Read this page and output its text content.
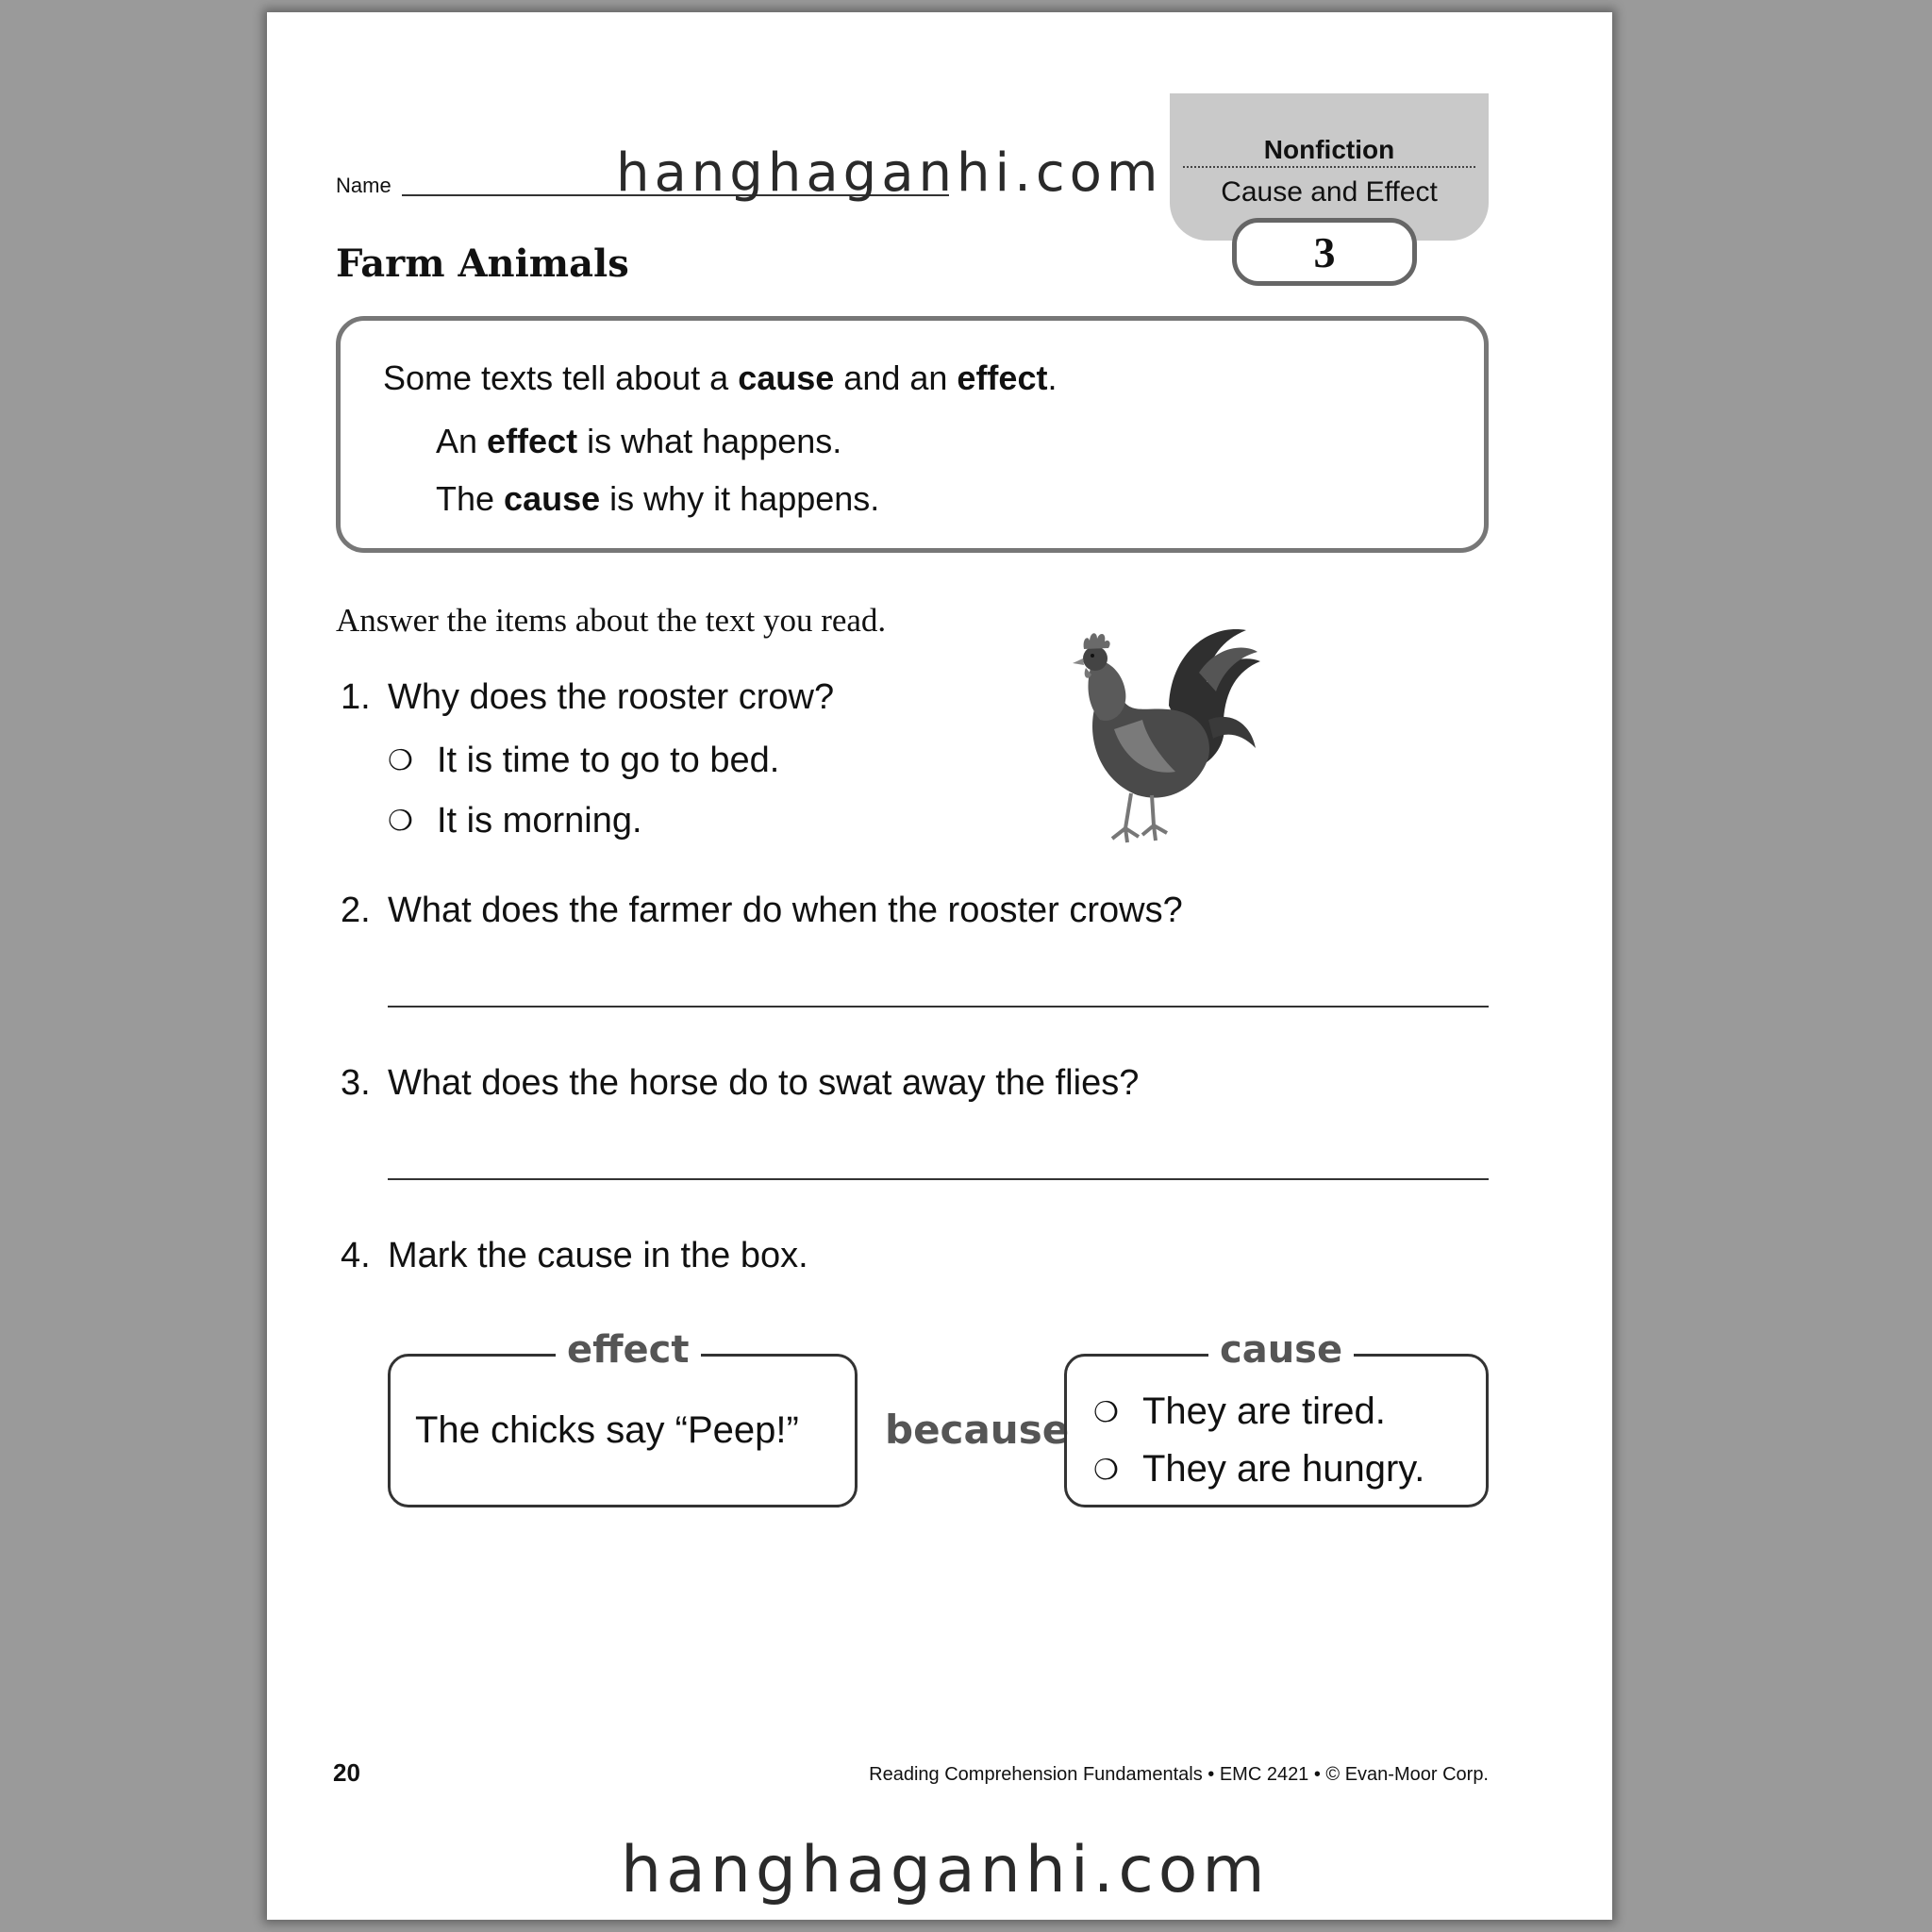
Name	hanghaganhi.com	Nonfiction
Cause and Effect
3
Farm Animals
Some texts tell about a cause and an effect.
An effect is what happens.
The cause is why it happens.
Answer the items about the text you read.
1. Why does the rooster crow?
❍ It is time to go to bed.
❍ It is morning.
2. What does the farmer do when the rooster crows?
3. What does the horse do to swat away the flies?
4. Mark the cause in the box.
effect
The chicks say “Peep!” because
cause
❍ They are tired.
❍ They are hungry.
20	Reading Comprehension Fundamentals • EMC 2421 • © Evan-Moor Corp.
hanghaganhi.com
